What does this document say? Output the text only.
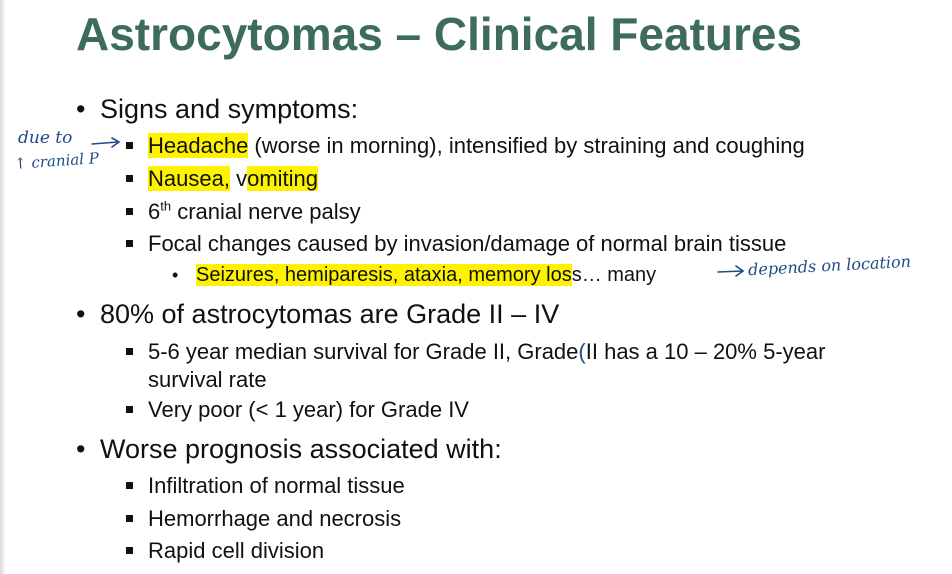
Astrocytomas – Clinical Features
• Signs and symptoms:
Headache (worse in morning), intensified by straining and coughing
Nausea, vomiting
6th cranial nerve palsy
Focal changes caused by invasion/damage of normal brain tissue
• Seizures, hemiparesis, ataxia, memory loss… many
• 80% of astrocytomas are Grade II – IV
5-6 year median survival for Grade II, Grade(II has a 10 – 20% 5-year
survival rate
Very poor (< 1 year) for Grade IV
• Worse prognosis associated with:
Infiltration of normal tissue
Hemorrhage and necrosis
Rapid cell division
due to
↑ cranial P
depends on location
